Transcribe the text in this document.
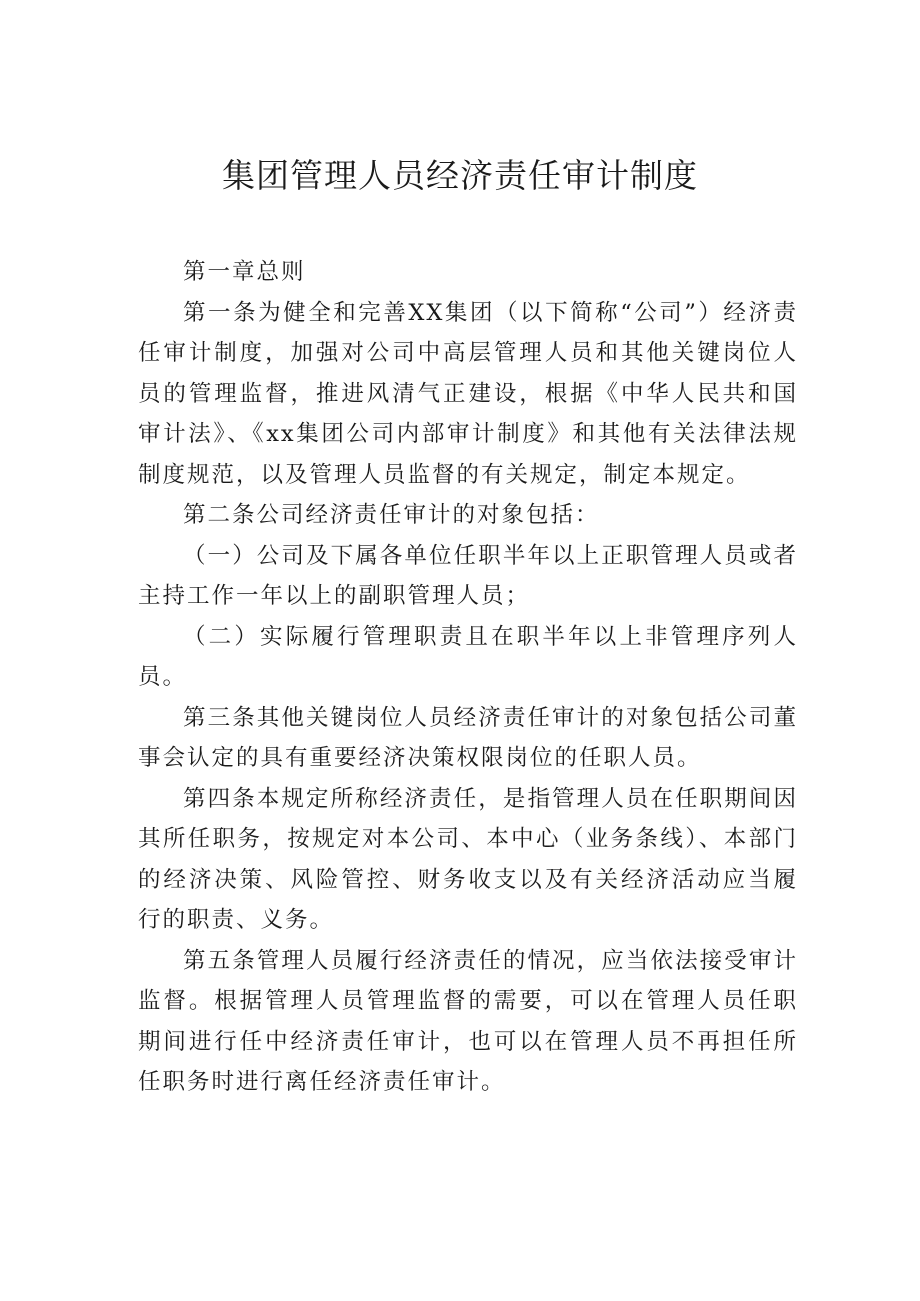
集团管理人员经济责任审计制度

第一章总则

第一条为健全和完善XX集团（以下简称“公司”）经济责任审计制度，加强对公司中高层管理人员和其他关键岗位人员的管理监督，推进风清气正建设，根据《中华人民共和国审计法》、《xx集团公司内部审计制度》和其他有关法律法规制度规范，以及管理人员监督的有关规定，制定本规定。

第二条公司经济责任审计的对象包括：

（一）公司及下属各单位任职半年以上正职管理人员或者主持工作一年以上的副职管理人员；

（二）实际履行管理职责且在职半年以上非管理序列人员。

第三条其他关键岗位人员经济责任审计的对象包括公司董事会认定的具有重要经济决策权限岗位的任职人员。

第四条本规定所称经济责任，是指管理人员在任职期间因其所任职务，按规定对本公司、本中心（业务条线）、本部门的经济决策、风险管控、财务收支以及有关经济活动应当履行的职责、义务。

第五条管理人员履行经济责任的情况，应当依法接受审计监督。根据管理人员管理监督的需要，可以在管理人员任职期间进行任中经济责任审计，也可以在管理人员不再担任所任职务时进行离任经济责任审计。
